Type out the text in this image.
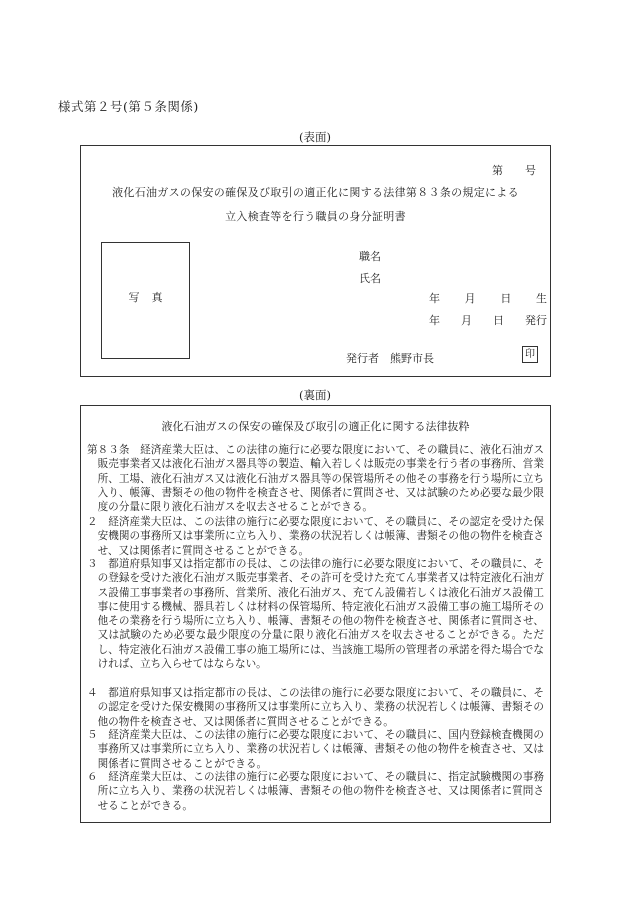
様式第２号(第５条関係)
(表面)
第　　号
液化石油ガスの保安の確保及び取引の適正化に関する法律第８３条の規定による
立入検査等を行う職員の身分証明書
写真
職名
氏名
年 月 日 生
年 月 日 発行
発行者　熊野市長	印
(裏面)
液化石油ガスの保安の確保及び取引の適正化に関する法律抜粋
第８３条　経済産業大臣は、この法律の施行に必要な限度において、その職員に、液化石油ガス販売事業者又は液化石油ガス器具等の製造、輸入若しくは販売の事業を行う者の事務所、営業所、工場、液化石油ガス又は液化石油ガス器具等の保管場所その他その事務を行う場所に立ち入り、帳簿、書類その他の物件を検査させ、関係者に質問させ、又は試験のため必要な最少限度の分量に限り液化石油ガスを収去させることができる。
２　経済産業大臣は、この法律の施行に必要な限度において、その職員に、その認定を受けた保安機関の事務所又は事業所に立ち入り、業務の状況若しくは帳簿、書類その他の物件を検査させ、又は関係者に質問させることができる。
３　都道府県知事又は指定都市の長は、この法律の施行に必要な限度において、その職員に、その登録を受けた液化石油ガス販売事業者、その許可を受けた充てん事業者又は特定液化石油ガス設備工事事業者の事務所、営業所、液化石油ガス、充てん設備若しくは液化石油ガス設備工事に使用する機械、器具若しくは材料の保管場所、特定液化石油ガス設備工事の施工場所その他その業務を行う場所に立ち入り、帳簿、書類その他の物件を検査させ、関係者に質問させ、又は試験のため必要な最少限度の分量に限り液化石油ガスを収去させることができる。ただし、特定液化石油ガス設備工事の施工場所には、当該施工場所の管理者の承諾を得た場合でなければ、立ち入らせてはならない。
４　都道府県知事又は指定都市の長は、この法律の施行に必要な限度において、その職員に、その認定を受けた保安機関の事務所又は事業所に立ち入り、業務の状況若しくは帳簿、書類その他の物件を検査させ、又は関係者に質問させることができる。
５　経済産業大臣は、この法律の施行に必要な限度において、その職員に、国内登録検査機関の事務所又は事業所に立ち入り、業務の状況若しくは帳簿、書類その他の物件を検査させ、又は関係者に質問させることができる。
６　経済産業大臣は、この法律の施行に必要な限度において、その職員に、指定試験機関の事務所に立ち入り、業務の状況若しくは帳簿、書類その他の物件を検査させ、又は関係者に質問させることができる。
